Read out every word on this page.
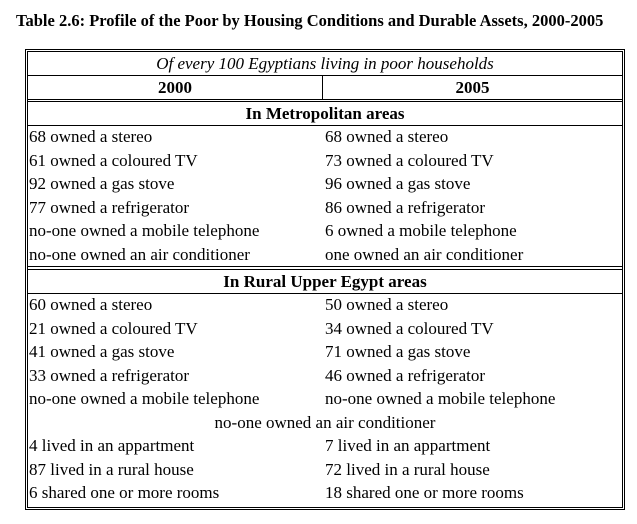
Table 2.6: Profile of the Poor by Housing Conditions and Durable Assets, 2000-2005
Of every 100 Egyptians living in poor households
2000	2005
In Metropolitan areas
68 owned a stereo	68 owned a stereo
61 owned a coloured TV	73 owned a coloured TV
92 owned a gas stove	96 owned a gas stove
77 owned a refrigerator	86 owned a refrigerator
no-one owned a mobile telephone	6 owned a mobile telephone
no-one owned an air conditioner	one owned an air conditioner
In Rural Upper Egypt areas
60 owned a stereo	50 owned a stereo
21 owned a coloured TV	34 owned a coloured TV
41 owned a gas stove	71 owned a gas stove
33 owned a refrigerator	46 owned a refrigerator
no-one owned a mobile telephone	no-one owned a mobile telephone
no-one owned an air conditioner
4 lived in an appartment	7 lived in an appartment
87 lived in a rural house	72 lived in a rural house
6 shared one or more rooms	18 shared one or more rooms
